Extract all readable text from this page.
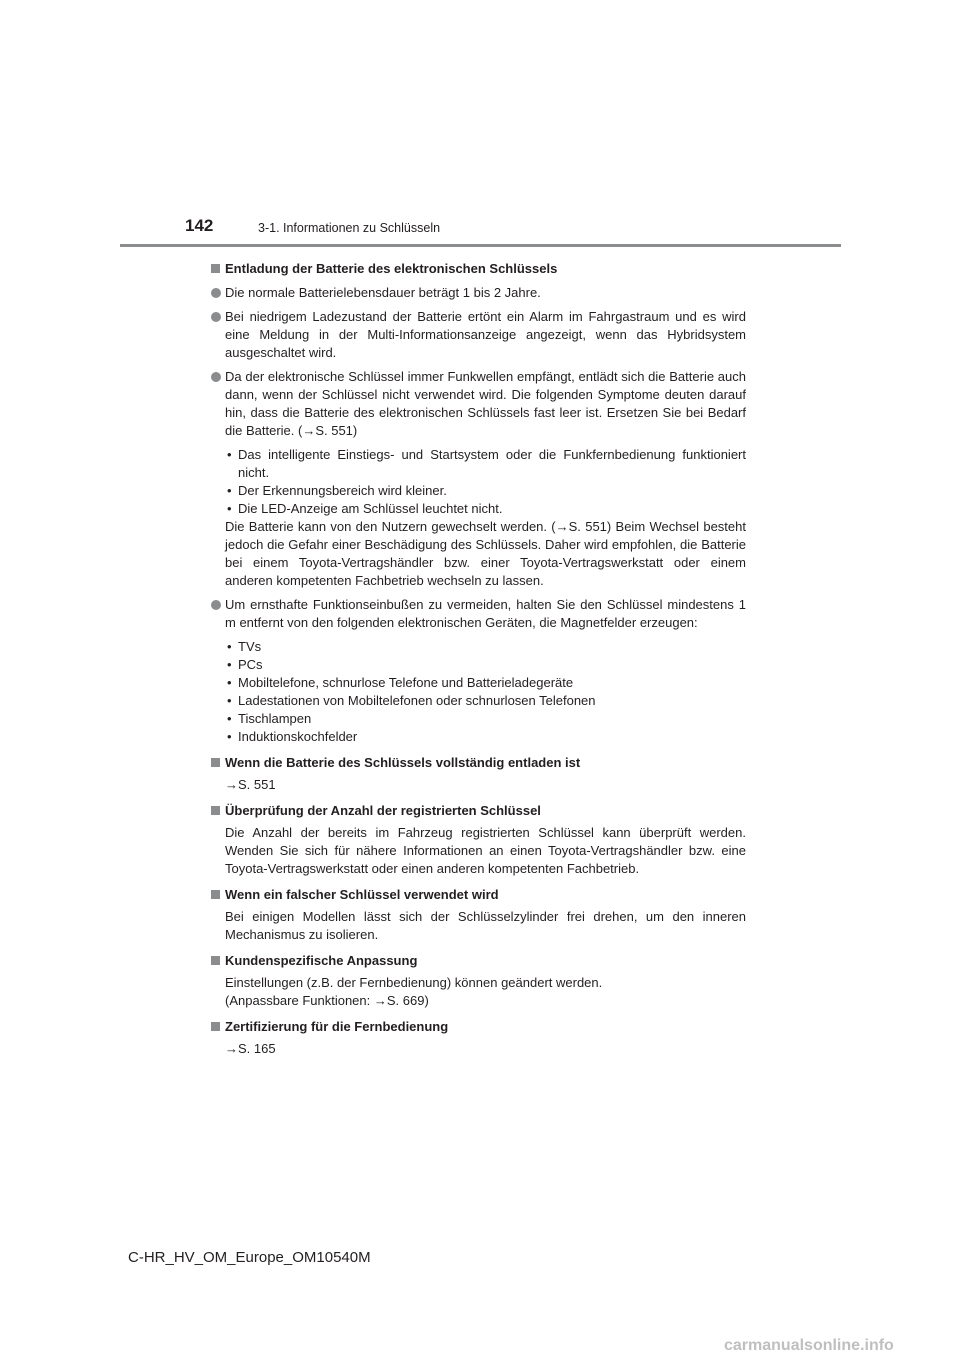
142	3-1. Informationen zu Schlüsseln
Entladung der Batterie des elektronischen Schlüssels
Die normale Batterielebensdauer beträgt 1 bis 2 Jahre.
Bei niedrigem Ladezustand der Batterie ertönt ein Alarm im Fahrgastraum und es wird eine Meldung in der Multi-Informationsanzeige angezeigt, wenn das Hybridsystem ausgeschaltet wird.
Da der elektronische Schlüssel immer Funkwellen empfängt, entlädt sich die Batterie auch dann, wenn der Schlüssel nicht verwendet wird. Die folgenden Symptome deuten darauf hin, dass die Batterie des elektronischen Schlüssels fast leer ist. Ersetzen Sie bei Bedarf die Batterie. (→S. 551)
• Das intelligente Einstiegs- und Startsystem oder die Funkfernbedienung funktioniert nicht.
• Der Erkennungsbereich wird kleiner.
• Die LED-Anzeige am Schlüssel leuchtet nicht.
Die Batterie kann von den Nutzern gewechselt werden. (→S. 551) Beim Wechsel besteht jedoch die Gefahr einer Beschädigung des Schlüssels. Daher wird empfohlen, die Batterie bei einem Toyota-Vertragshändler bzw. einer Toyota-Vertragswerkstatt oder einem anderen kompetenten Fachbetrieb wechseln zu lassen.
Um ernsthafte Funktionseinbußen zu vermeiden, halten Sie den Schlüssel mindestens 1 m entfernt von den folgenden elektronischen Geräten, die Magnetfelder erzeugen:
• TVs
• PCs
• Mobiltelefone, schnurlose Telefone und Batterieladegeräte
• Ladestationen von Mobiltelefonen oder schnurlosen Telefonen
• Tischlampen
• Induktionskochfelder
Wenn die Batterie des Schlüssels vollständig entladen ist
→S. 551
Überprüfung der Anzahl der registrierten Schlüssel
Die Anzahl der bereits im Fahrzeug registrierten Schlüssel kann überprüft werden. Wenden Sie sich für nähere Informationen an einen Toyota-Vertragshändler bzw. eine Toyota-Vertragswerkstatt oder einen anderen kompetenten Fachbetrieb.
Wenn ein falscher Schlüssel verwendet wird
Bei einigen Modellen lässt sich der Schlüsselzylinder frei drehen, um den inneren Mechanismus zu isolieren.
Kundenspezifische Anpassung
Einstellungen (z.B. der Fernbedienung) können geändert werden.
(Anpassbare Funktionen: →S. 669)
Zertifizierung für die Fernbedienung
→S. 165
C-HR_HV_OM_Europe_OM10540M
carmanualsonline.info
